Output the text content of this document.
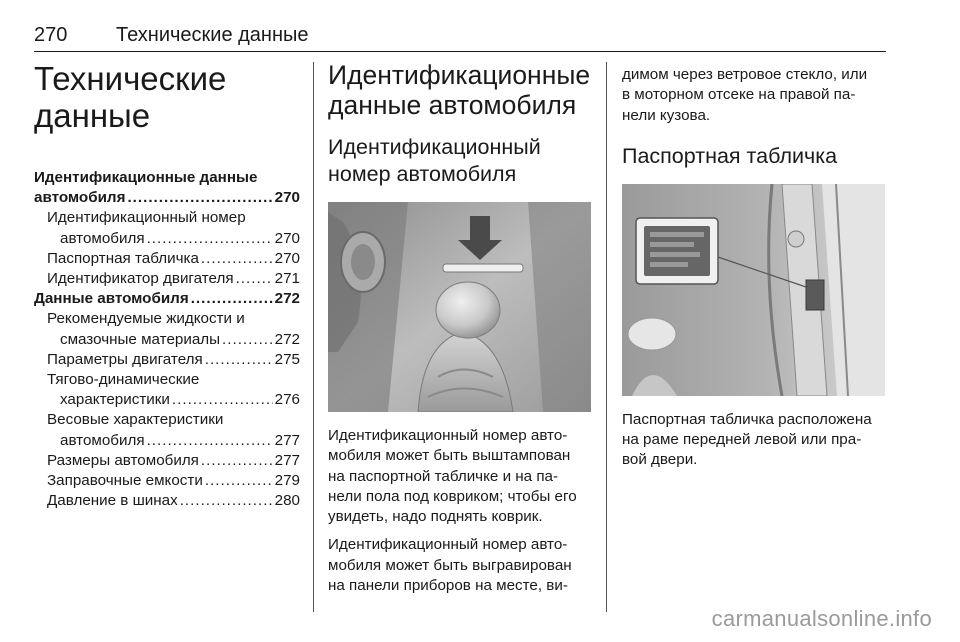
270 Технические данные
Технические
данные
Идентификационные данные
автомобиля .....	270
Идентификационный номер
автомобиля .....	270
Паспортная табличка .....	270
Идентификатор двигателя .....	271
Данные автомобиля .....	272
Рекомендуемые жидкости и
смазочные материалы .....	272
Параметры двигателя .....	275
Тягово-динамические
характеристики .....	276
Весовые характеристики
автомобиля .....	277
Размеры автомобиля .....	277
Заправочные емкости .....	279
Давление в шинах .....	280
Идентификационные
данные автомобиля
Идентификационный
номер автомобиля

Идентификационный номер авто-
мобиля может быть выштампован
на паспортной табличке и на па-
нели пола под ковриком; чтобы его
увидеть, надо поднять коврик.

Идентификационный номер авто-
мобиля может быть выгравирован
на панели приборов на месте, ви-

димом через ветровое стекло, или
в моторном отсеке на правой па-
нели кузова.

Паспортная табличка

Паспортная табличка расположена
на раме передней левой или пра-
вой двери.

carmanualsonline.info
